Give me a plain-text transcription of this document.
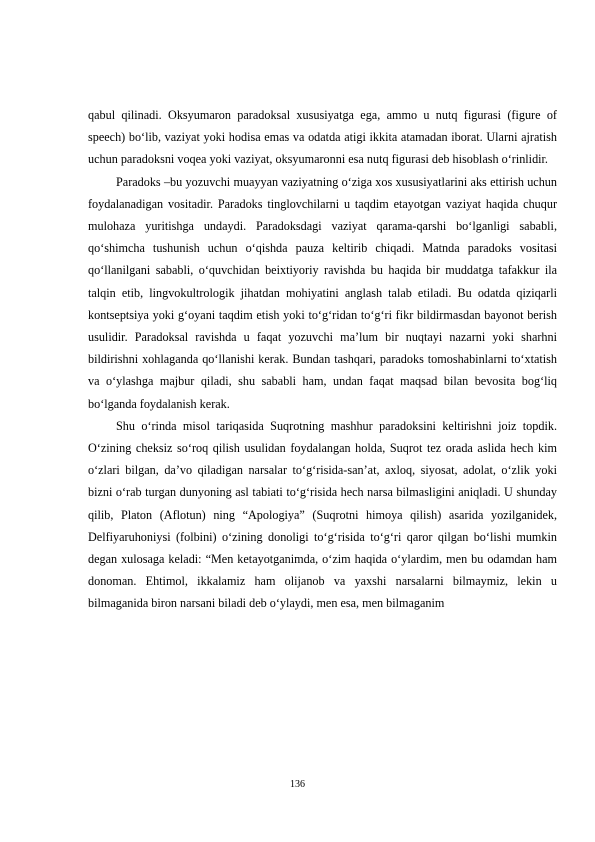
qabul qilinadi. Oksyumaron paradoksal xususiyatga ega, ammo u nutq figurasi (figure of speech) bo‘lib, vaziyat yoki hodisa emas va odatda atigi ikkita atamadan iborat. Ularni ajratish uchun paradoksni voqea yoki vaziyat, oksyumaronni esa nutq figurasi deb hisoblash o‘rinlidir.

Paradoks –bu yozuvchi muayyan vaziyatning o‘ziga xos xususiyatlarini aks ettirish uchun foydalanadigan vositadir. Paradoks tinglovchilarni u taqdim etayotgan vaziyat haqida chuqur mulohaza yuritishga undaydi. Paradoksdagi vaziyat qarama-qarshi bo‘lganligi sababli, qo‘shimcha tushunish uchun o‘qishda pauza keltirib chiqadi. Matnda paradoks vositasi qo‘llanilgani sababli, o‘quvchidan beixtiyoriy ravishda bu haqida bir muddatga tafakkur ila talqin etib, lingvokultrologik jihatdan mohiyatini anglash talab etiladi. Bu odatda qiziqarli kontseptsiya yoki g‘oyani taqdim etish yoki to‘g‘ridan to‘g‘ri fikr bildirmasdan bayonot berish usulidir. Paradoksal ravishda u faqat yozuvchi ma’lum bir nuqtayi nazarni yoki sharhni bildirishni xohlaganda qo‘llanishi kerak. Bundan tashqari, paradoks tomoshabinlarni to‘xtatish va o‘ylashga majbur qiladi, shu sababli ham, undan faqat maqsad bilan bevosita bog‘liq bo‘lganda foydalanish kerak.

Shu o‘rinda misol tariqasida Suqrotning mashhur paradoksini keltirishni joiz topdik. O‘zining cheksiz so‘roq qilish usulidan foydalangan holda, Suqrot tez orada aslida hech kim o‘zlari bilgan, da’vo qiladigan narsalar to‘g‘risida-san’at, axloq, siyosat, adolat, o‘zlik yoki bizni o‘rab turgan dunyoning asl tabiati to‘g‘risida hech narsa bilmasligini aniqladi. U shunday qilib, Platon (Aflotun) ning “Apologiya” (Suqrotni himoya qilish) asarida yozilganidek, Delfiyaruhoniysi (folbini) o‘zining donoligi to‘g‘risida to‘g‘ri qaror qilgan bo‘lishi mumkin degan xulosaga keladi: “Men ketayotganimda, o‘zim haqida o‘ylardim, men bu odamdan ham donoman. Ehtimol, ikkalamiz ham olijanob va yaxshi narsalarni bilmaymiz, lekin u bilmaganida biron narsani biladi deb o‘ylaydi, men esa, men bilmaganim

136
